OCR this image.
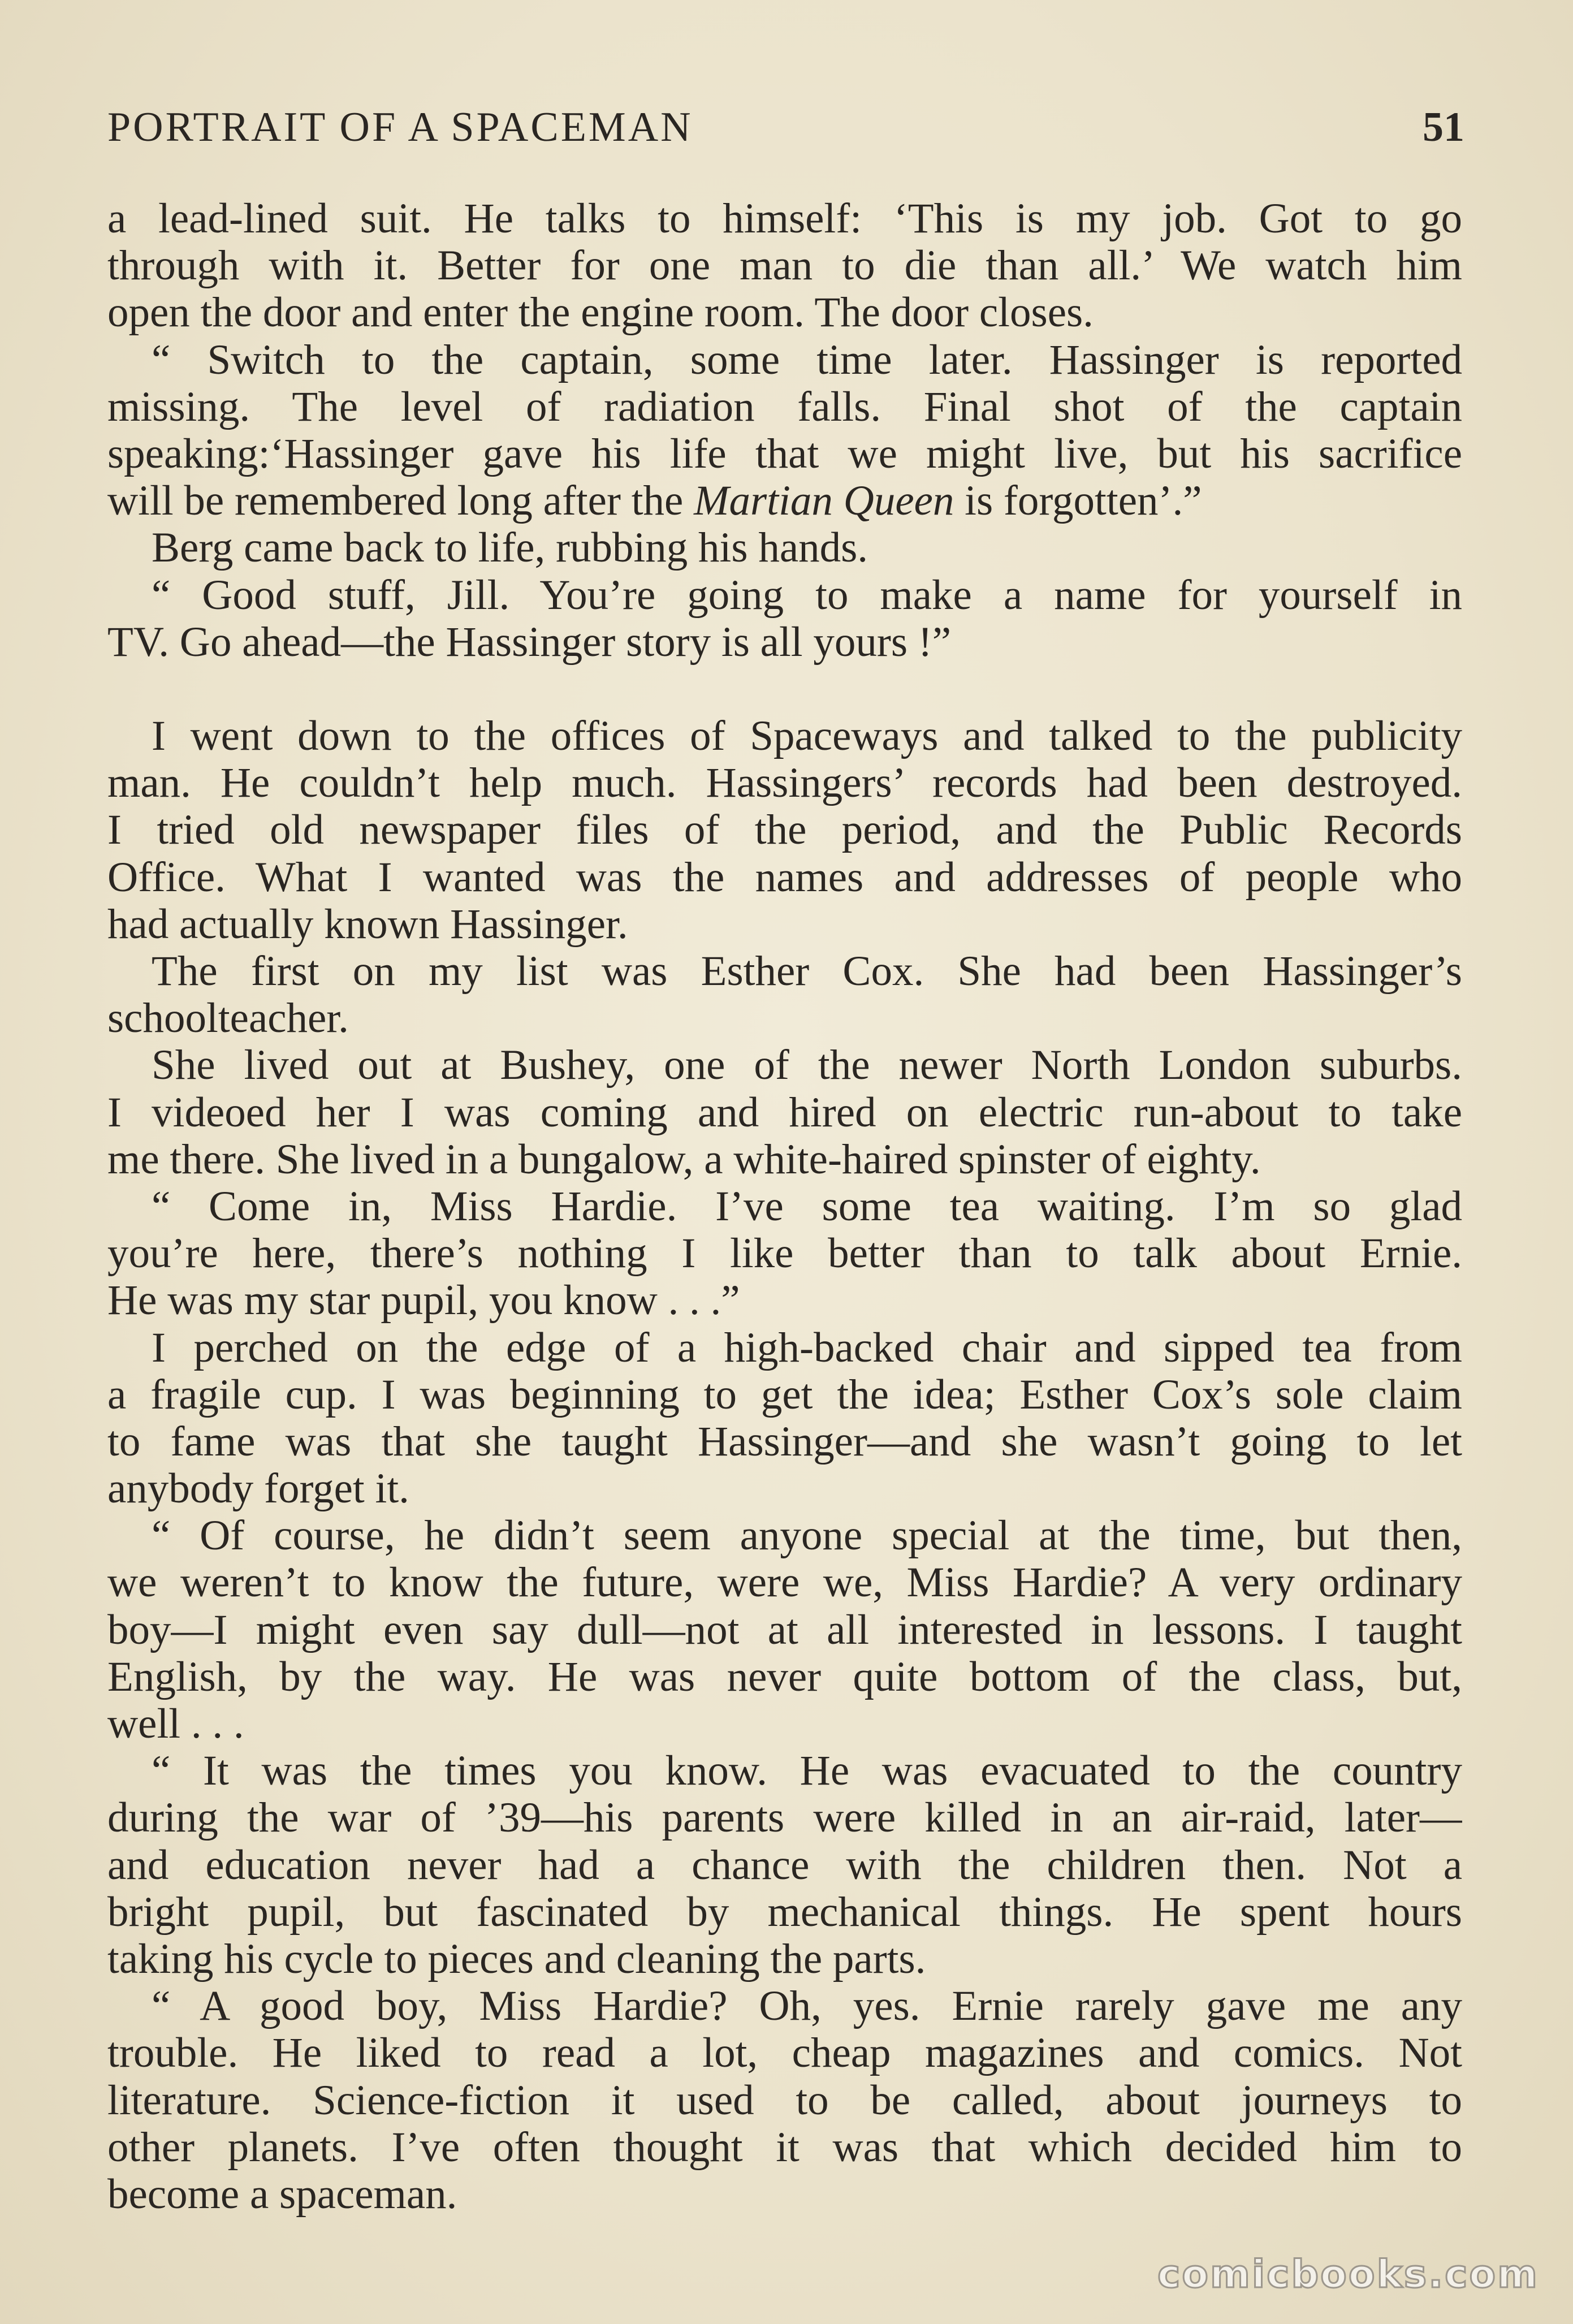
PORTRAIT OF A SPACEMAN	51
a lead-lined suit. He talks to himself: ‘This is my job. Got to go
through with it. Better for one man to die than all.’ We watch him
open the door and enter the engine room. The door closes.
“ Switch to the captain, some time later. Hassinger is reported
missing. The level of radiation falls. Final shot of the captain
speaking:‘Hassinger gave his life that we might live, but his sacrifice
will be remembered long after the Martian Queen is forgotten’.”
Berg came back to life, rubbing his hands.
“ Good stuff, Jill. You’re going to make a name for yourself in
TV. Go ahead—the Hassinger story is all yours !”
I went down to the offices of Spaceways and talked to the publicity
man. He couldn’t help much. Hassingers’ records had been destroyed.
I tried old newspaper files of the period, and the Public Records
Office. What I wanted was the names and addresses of people who
had actually known Hassinger.
The first on my list was Esther Cox. She had been Hassinger’s
schoolteacher.
She lived out at Bushey, one of the newer North London suburbs.
I videoed her I was coming and hired on electric run-about to take
me there. She lived in a bungalow, a white-haired spinster of eighty.
“ Come in, Miss Hardie. I’ve some tea waiting. I’m so glad
you’re here, there’s nothing I like better than to talk about Ernie.
He was my star pupil, you know . . .”
I perched on the edge of a high-backed chair and sipped tea from
a fragile cup. I was beginning to get the idea; Esther Cox’s sole claim
to fame was that she taught Hassinger—and she wasn’t going to let
anybody forget it.
“ Of course, he didn’t seem anyone special at the time, but then,
we weren’t to know the future, were we, Miss Hardie? A very ordinary
boy—I might even say dull—not at all interested in lessons. I taught
English, by the way. He was never quite bottom of the class, but,
well . . .
“ It was the times you know. He was evacuated to the country
during the war of ’39—his parents were killed in an air-raid, later—
and education never had a chance with the children then. Not a
bright pupil, but fascinated by mechanical things. He spent hours
taking his cycle to pieces and cleaning the parts.
“ A good boy, Miss Hardie? Oh, yes. Ernie rarely gave me any
trouble. He liked to read a lot, cheap magazines and comics. Not
literature. Science-fiction it used to be called, about journeys to
other planets. I’ve often thought it was that which decided him to
become a spaceman.
comicbooks.com
